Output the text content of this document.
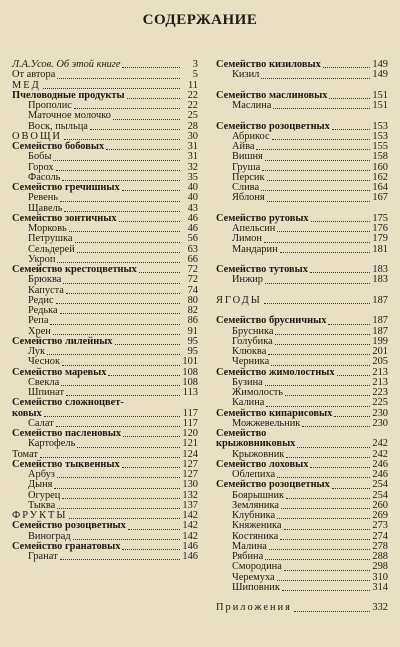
СОДЕРЖАНИЕ
Л.А.Усов. Об этой книге	3
От автора	5
МЕД	11
Пчеловодные продукты	22
Прополис	22
Маточное молочко	25
Воск, пыльца	28
ОВОЩИ	30
Семейство бобовых	31
Бобы	31
Горох	32
Фасоль	35
Семейство гречишных	40
Ревень	40
Щавель	43
Семейство зонтичных	46
Морковь	46
Петрушка	56
Сельдерей	63
Укроп	66
Семейство крестоцветных	72
Брюква	72
Капуста	74
Редис	80
Редька	82
Репа	86
Хрен	91
Семейство лилейных	95
Лук	95
Чеснок	101
Семейство маревых	108
Свекла	108
Шпинат	113
Семейство сложноцвет-
ковых	117
Салат	117
Семейство пасленовых	120
Картофель	121
Томат	124
Семейство тыквенных	127
Арбуз	127
Дыня	130
Огурец	132
Тыква	137
ФРУКТЫ	142
Семейство розоцветных	142
Виноград	142
Семейство гранатовых	146
Гранат	146
Семейство кизиловых	149
Кизил	149
Семейство маслиновых	151
Маслина	151
Семейство розоцветных	153
Абрикос	153
Айва	155
Вишня	158
Груша	160
Персик	162
Слива	164
Яблоня	167
Семейство рутовых	175
Апельсин	176
Лимон	179
Мандарин	181
Семейство тутовых	183
Инжир	183
ЯГОДЫ	187
Семейство брусничных	187
Брусника	187
Голубика	199
Клюква	201
Черника	205
Семейство жимолостных	213
Бузина	213
Жимолость	223
Калина	225
Семейство кипарисовых	230
Можжевельник	230
Семейство
крыжовниковых	242
Крыжовник	242
Семейство лоховых	246
Облепиха	246
Семейство розоцветных	254
Боярышник	254
Земляника	260
Клубника	269
Княженика	273
Костяника	274
Малина	278
Рябина	288
Смородина	298
Черемуха	310
Шиповник	314
Приложения	332
